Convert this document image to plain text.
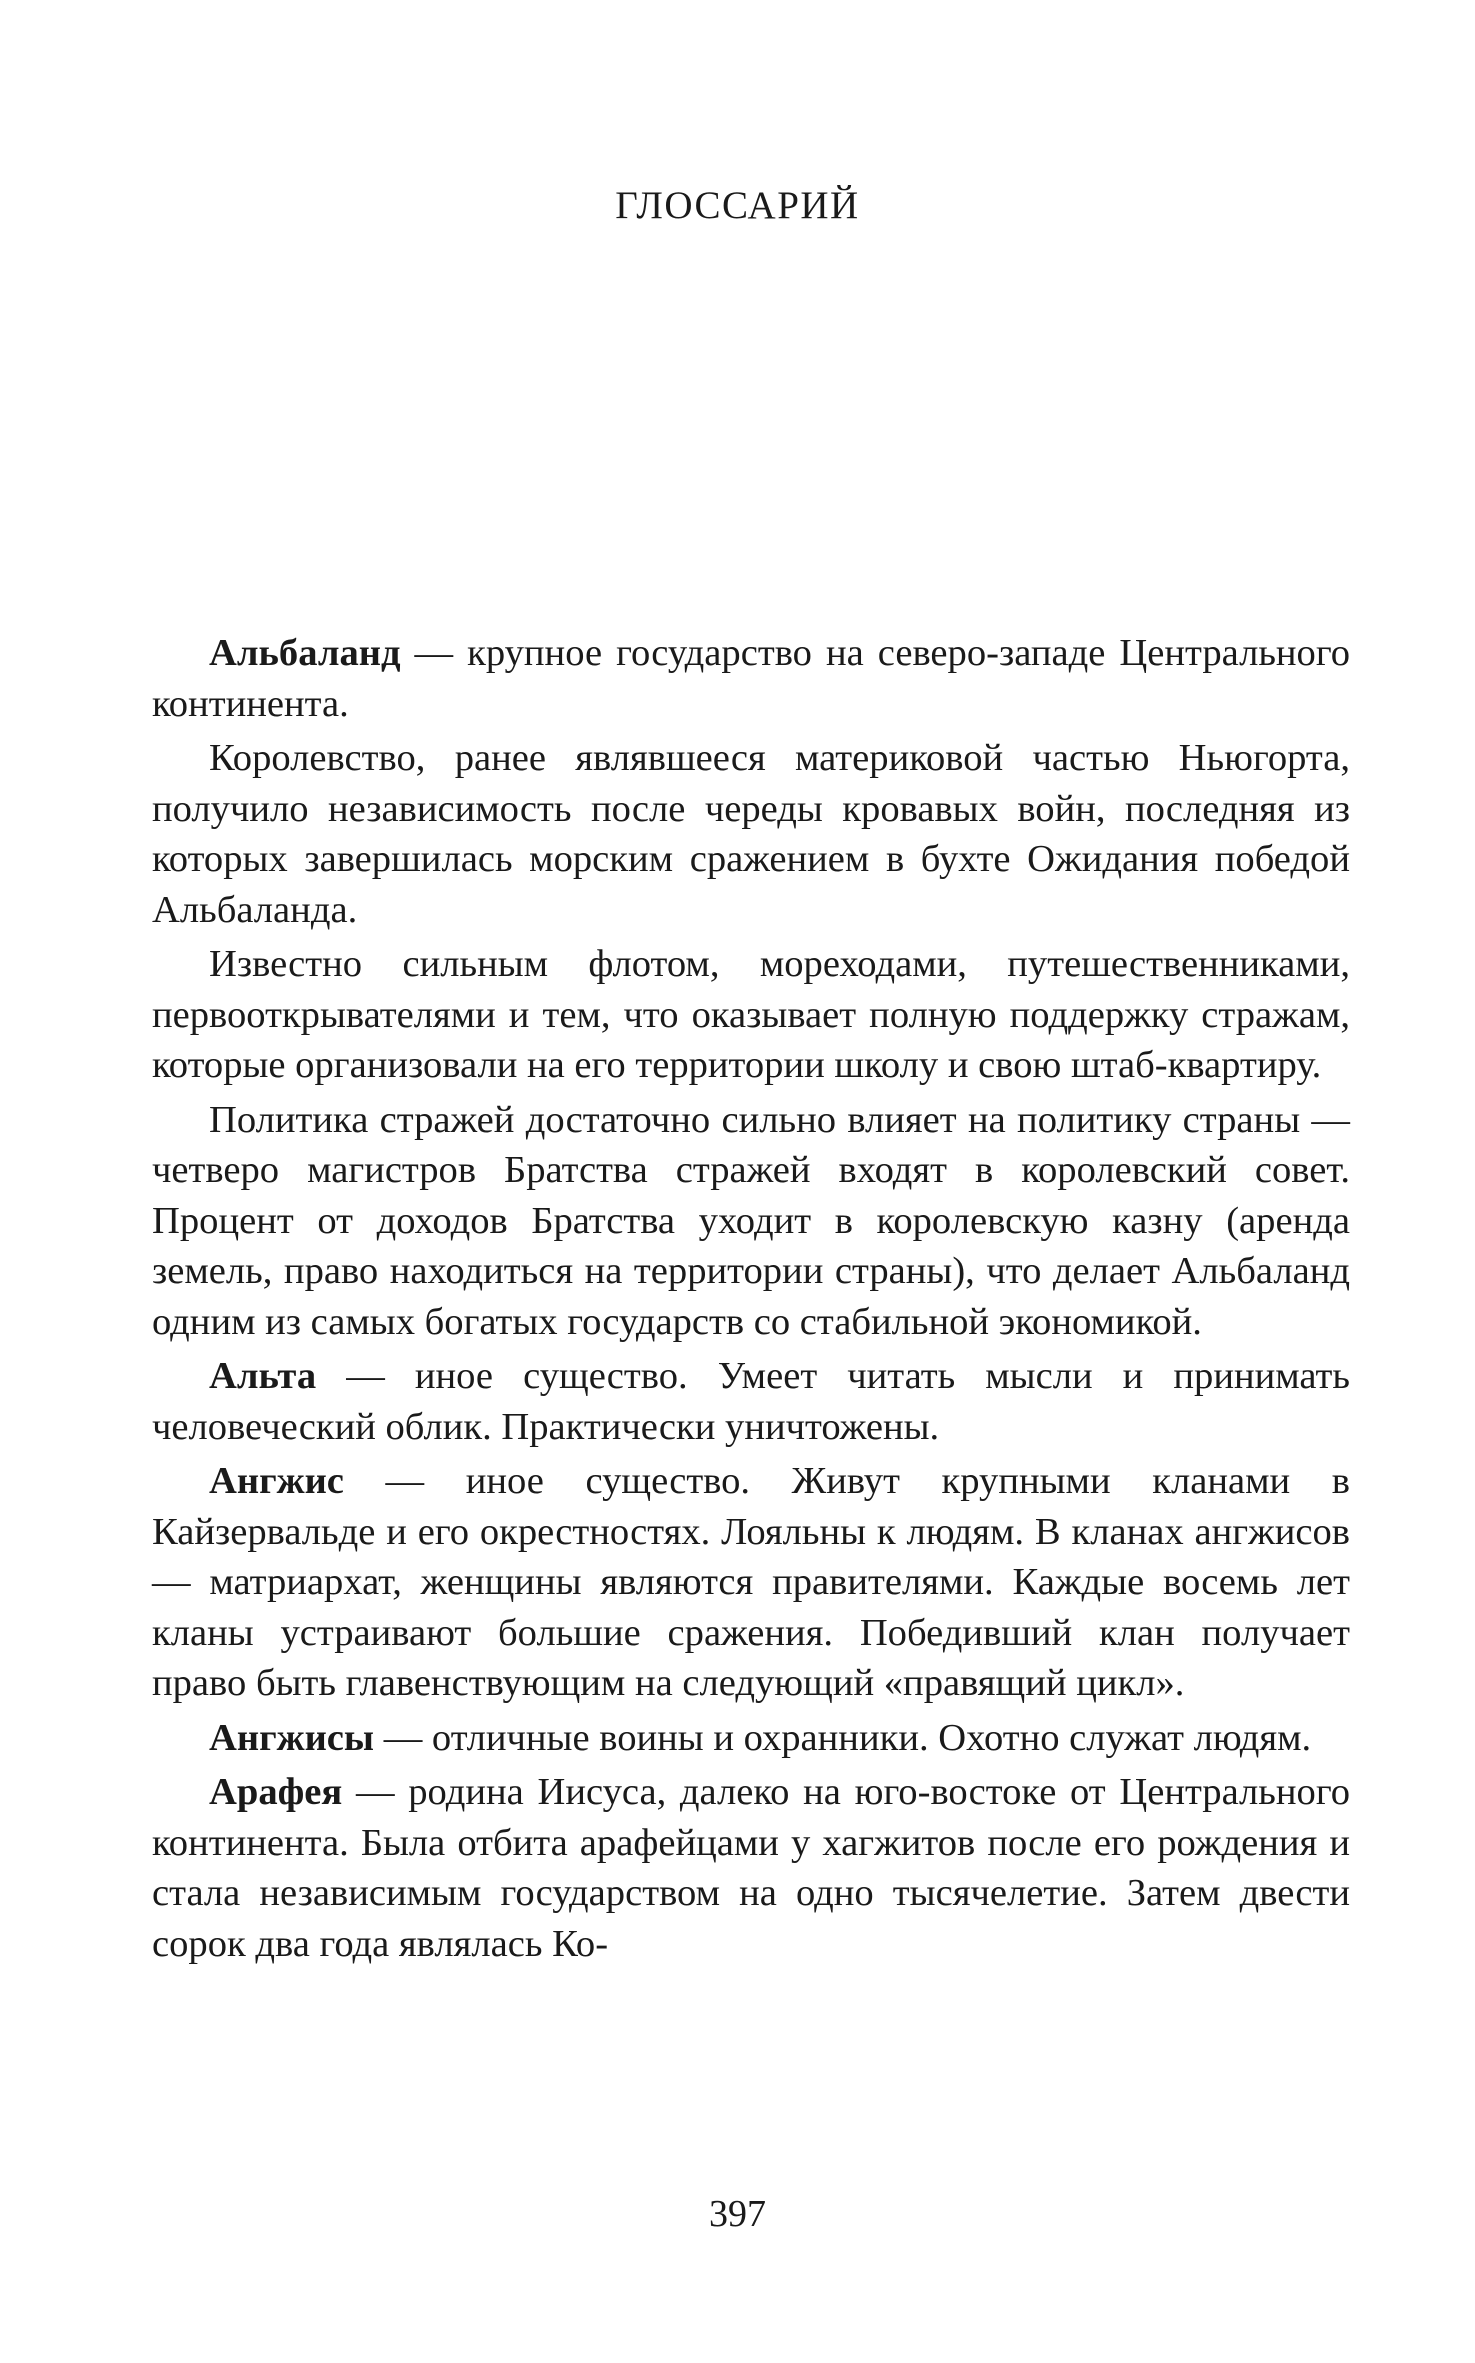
ГЛОССАРИЙ

Альбаланд — крупное государство на северо-западе Центрального континента.

Королевство, ранее являвшееся материковой частью Ньюгорта, получило независимость после череды кровавых войн, последняя из которых завершилась морским сражением в бухте Ожидания победой Альбаланда.

Известно сильным флотом, мореходами, путешественниками, первооткрывателями и тем, что оказывает полную поддержку стражам, которые организовали на его территории школу и свою штаб-квартиру.

Политика стражей достаточно сильно влияет на политику страны — четверо магистров Братства стражей входят в королевский совет. Процент от доходов Братства уходит в королевскую казну (аренда земель, право находиться на территории страны), что делает Альбаланд одним из самых богатых государств со стабильной экономикой.

Альта — иное существо. Умеет читать мысли и принимать человеческий облик. Практически уничтожены.

Ангжис — иное существо. Живут крупными кланами в Кайзервальде и его окрестностях. Лояльны к людям. В кланах ангжисов — матриархат, женщины являются правителями. Каждые восемь лет кланы устраивают большие сражения. Победивший клан получает право быть главенствующим на следующий «правящий цикл».

Ангжисы — отличные воины и охранники. Охотно служат людям.

Арафея — родина Иисуса, далеко на юго-востоке от Центрального континента. Была отбита арафейцами у хагжитов после его рождения и стала независимым государством на одно тысячелетие. Затем двести сорок два года являлась Ко-

397
